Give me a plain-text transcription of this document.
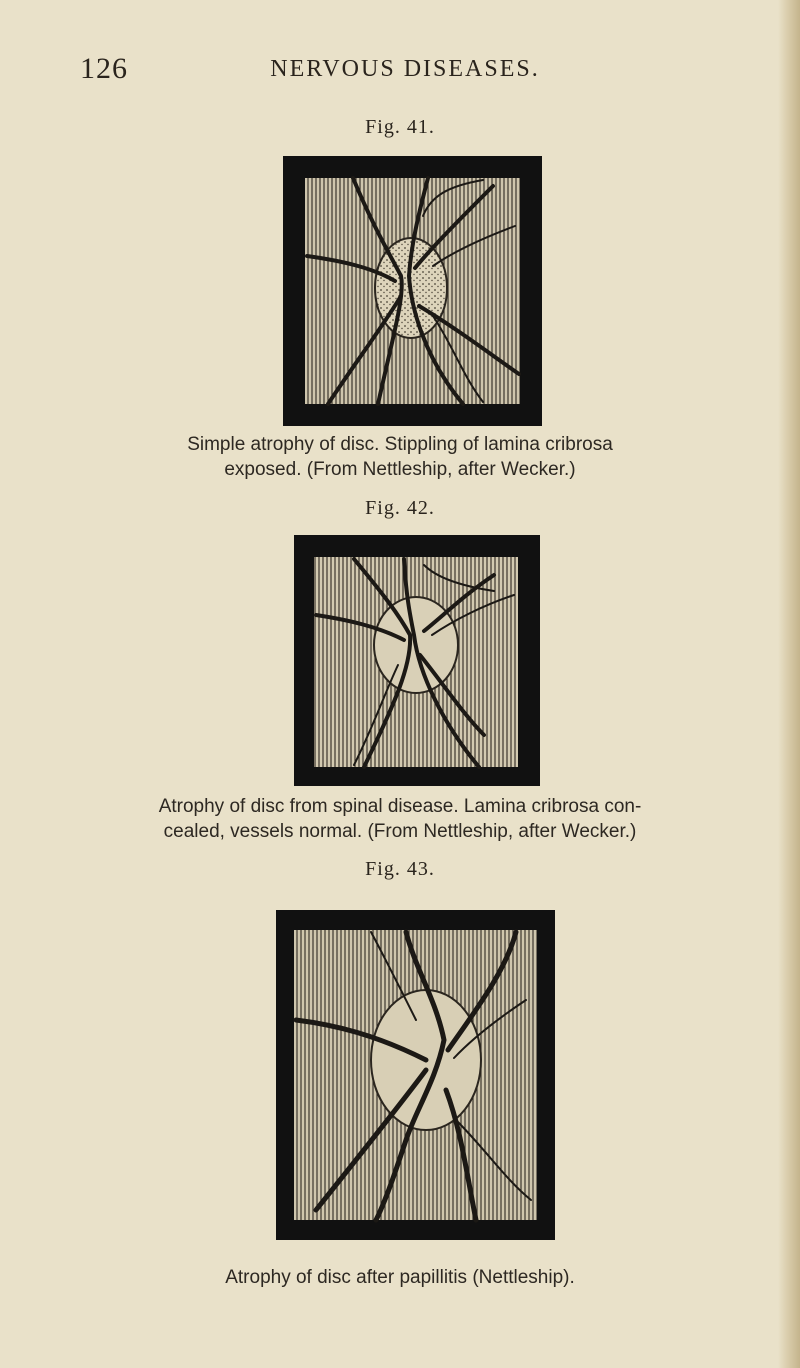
126	NERVOUS DISEASES.
Fig. 41.
Simple atrophy of disc. Stippling of lamina cribrosa
exposed. (From Nettleship, after Wecker.)
Fig. 42.
Atrophy of disc from spinal disease. Lamina cribrosa con-
cealed, vessels normal. (From Nettleship, after Wecker.)
Fig. 43.
Atrophy of disc after papillitis (Nettleship).
